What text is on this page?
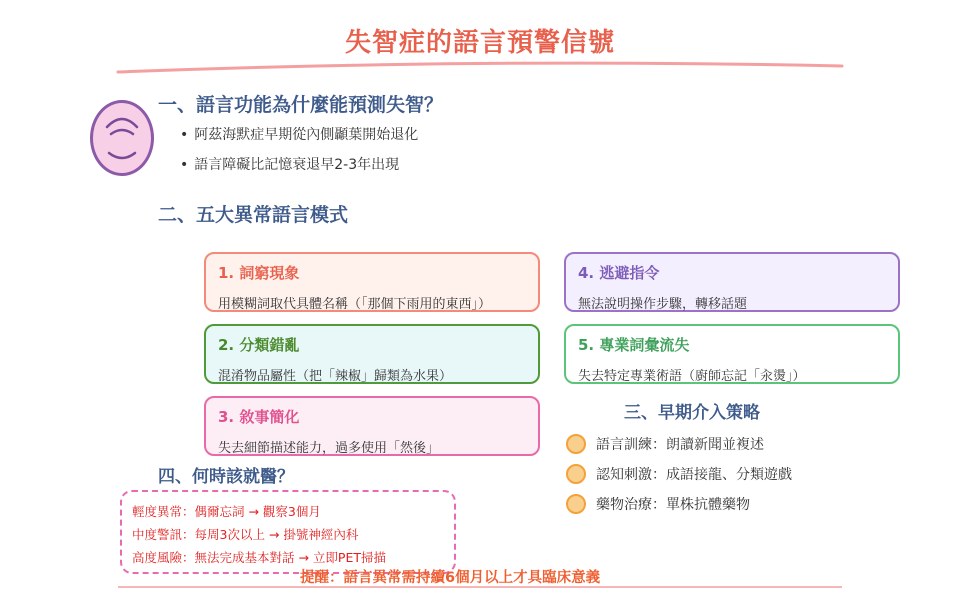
失智症的語言預警信號
一、語言功能為什麼能預測失智？
• 阿茲海默症早期從內側顳葉開始退化
• 語言障礙比記憶衰退早2-3年出現
二、五大異常語言模式
1. 詞窮現象
用模糊詞取代具體名稱（「那個下雨用的東西」）
2. 分類錯亂
混淆物品屬性（把「辣椒」歸類為水果）
3. 敘事簡化
失去細節描述能力，過多使用「然後」
4. 逃避指令
無法說明操作步驟，轉移話題
5. 專業詞彙流失
失去特定專業術語（廚師忘記「汆燙」）
三、早期介入策略
語言訓練：朗讀新聞並複述
認知刺激：成語接龍、分類遊戲
藥物治療：單株抗體藥物
四、何時該就醫？
輕度異常：偶爾忘詞 → 觀察3個月
中度警訊：每周3次以上 → 掛號神經內科
高度風險：無法完成基本對話 → 立即PET掃描
提醒：語言異常需持續6個月以上才具臨床意義
